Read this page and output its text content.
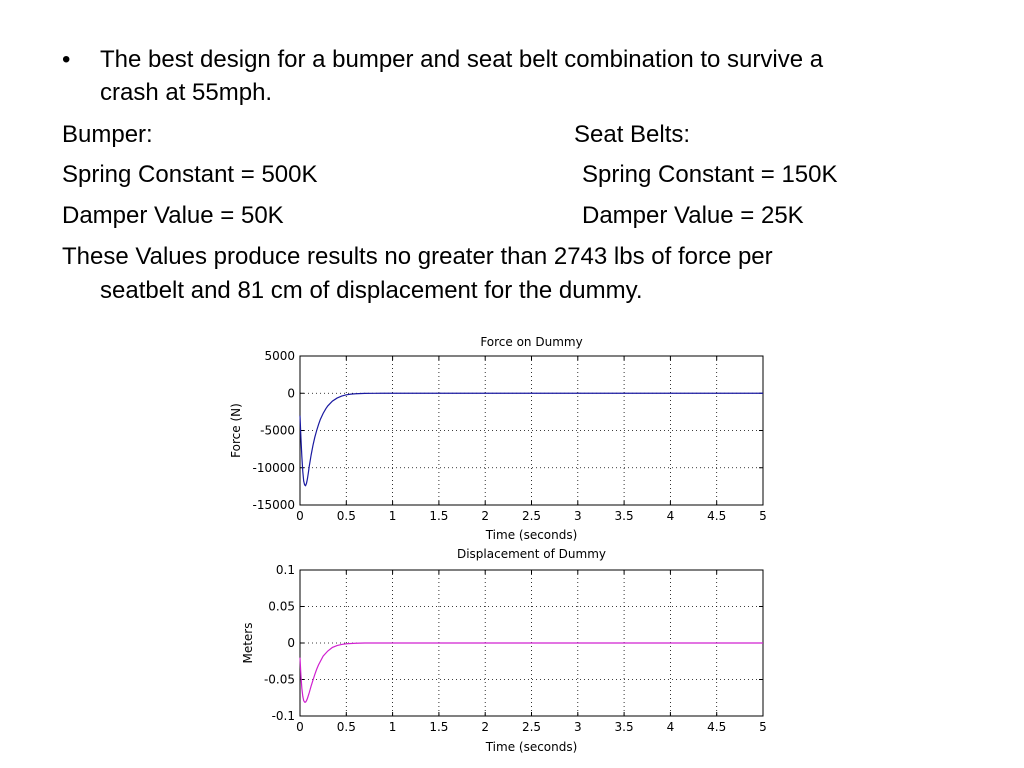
• The best design for a bumper and seat belt combination to survive a
crash at 55mph.
Bumper:	Seat Belts:
Spring Constant = 500K	Spring Constant = 150K
Damper Value = 50K	Damper Value = 25K
These Values produce results no greater than 2743 lbs of force per
seatbelt and 81 cm of displacement for the dummy.
0	0.5	1	1.5	2	2.5	3	3.5	4	4.5	5
5000
0
-5000
-10000
-15000
Force on Dummy
Time (seconds)
Force (N)
0	0.5	1	1.5	2	2.5	3	3.5	4	4.5	5
0.1
0.05
0
-0.05
-0.1
Displacement of Dummy
Time (seconds)
Meters
